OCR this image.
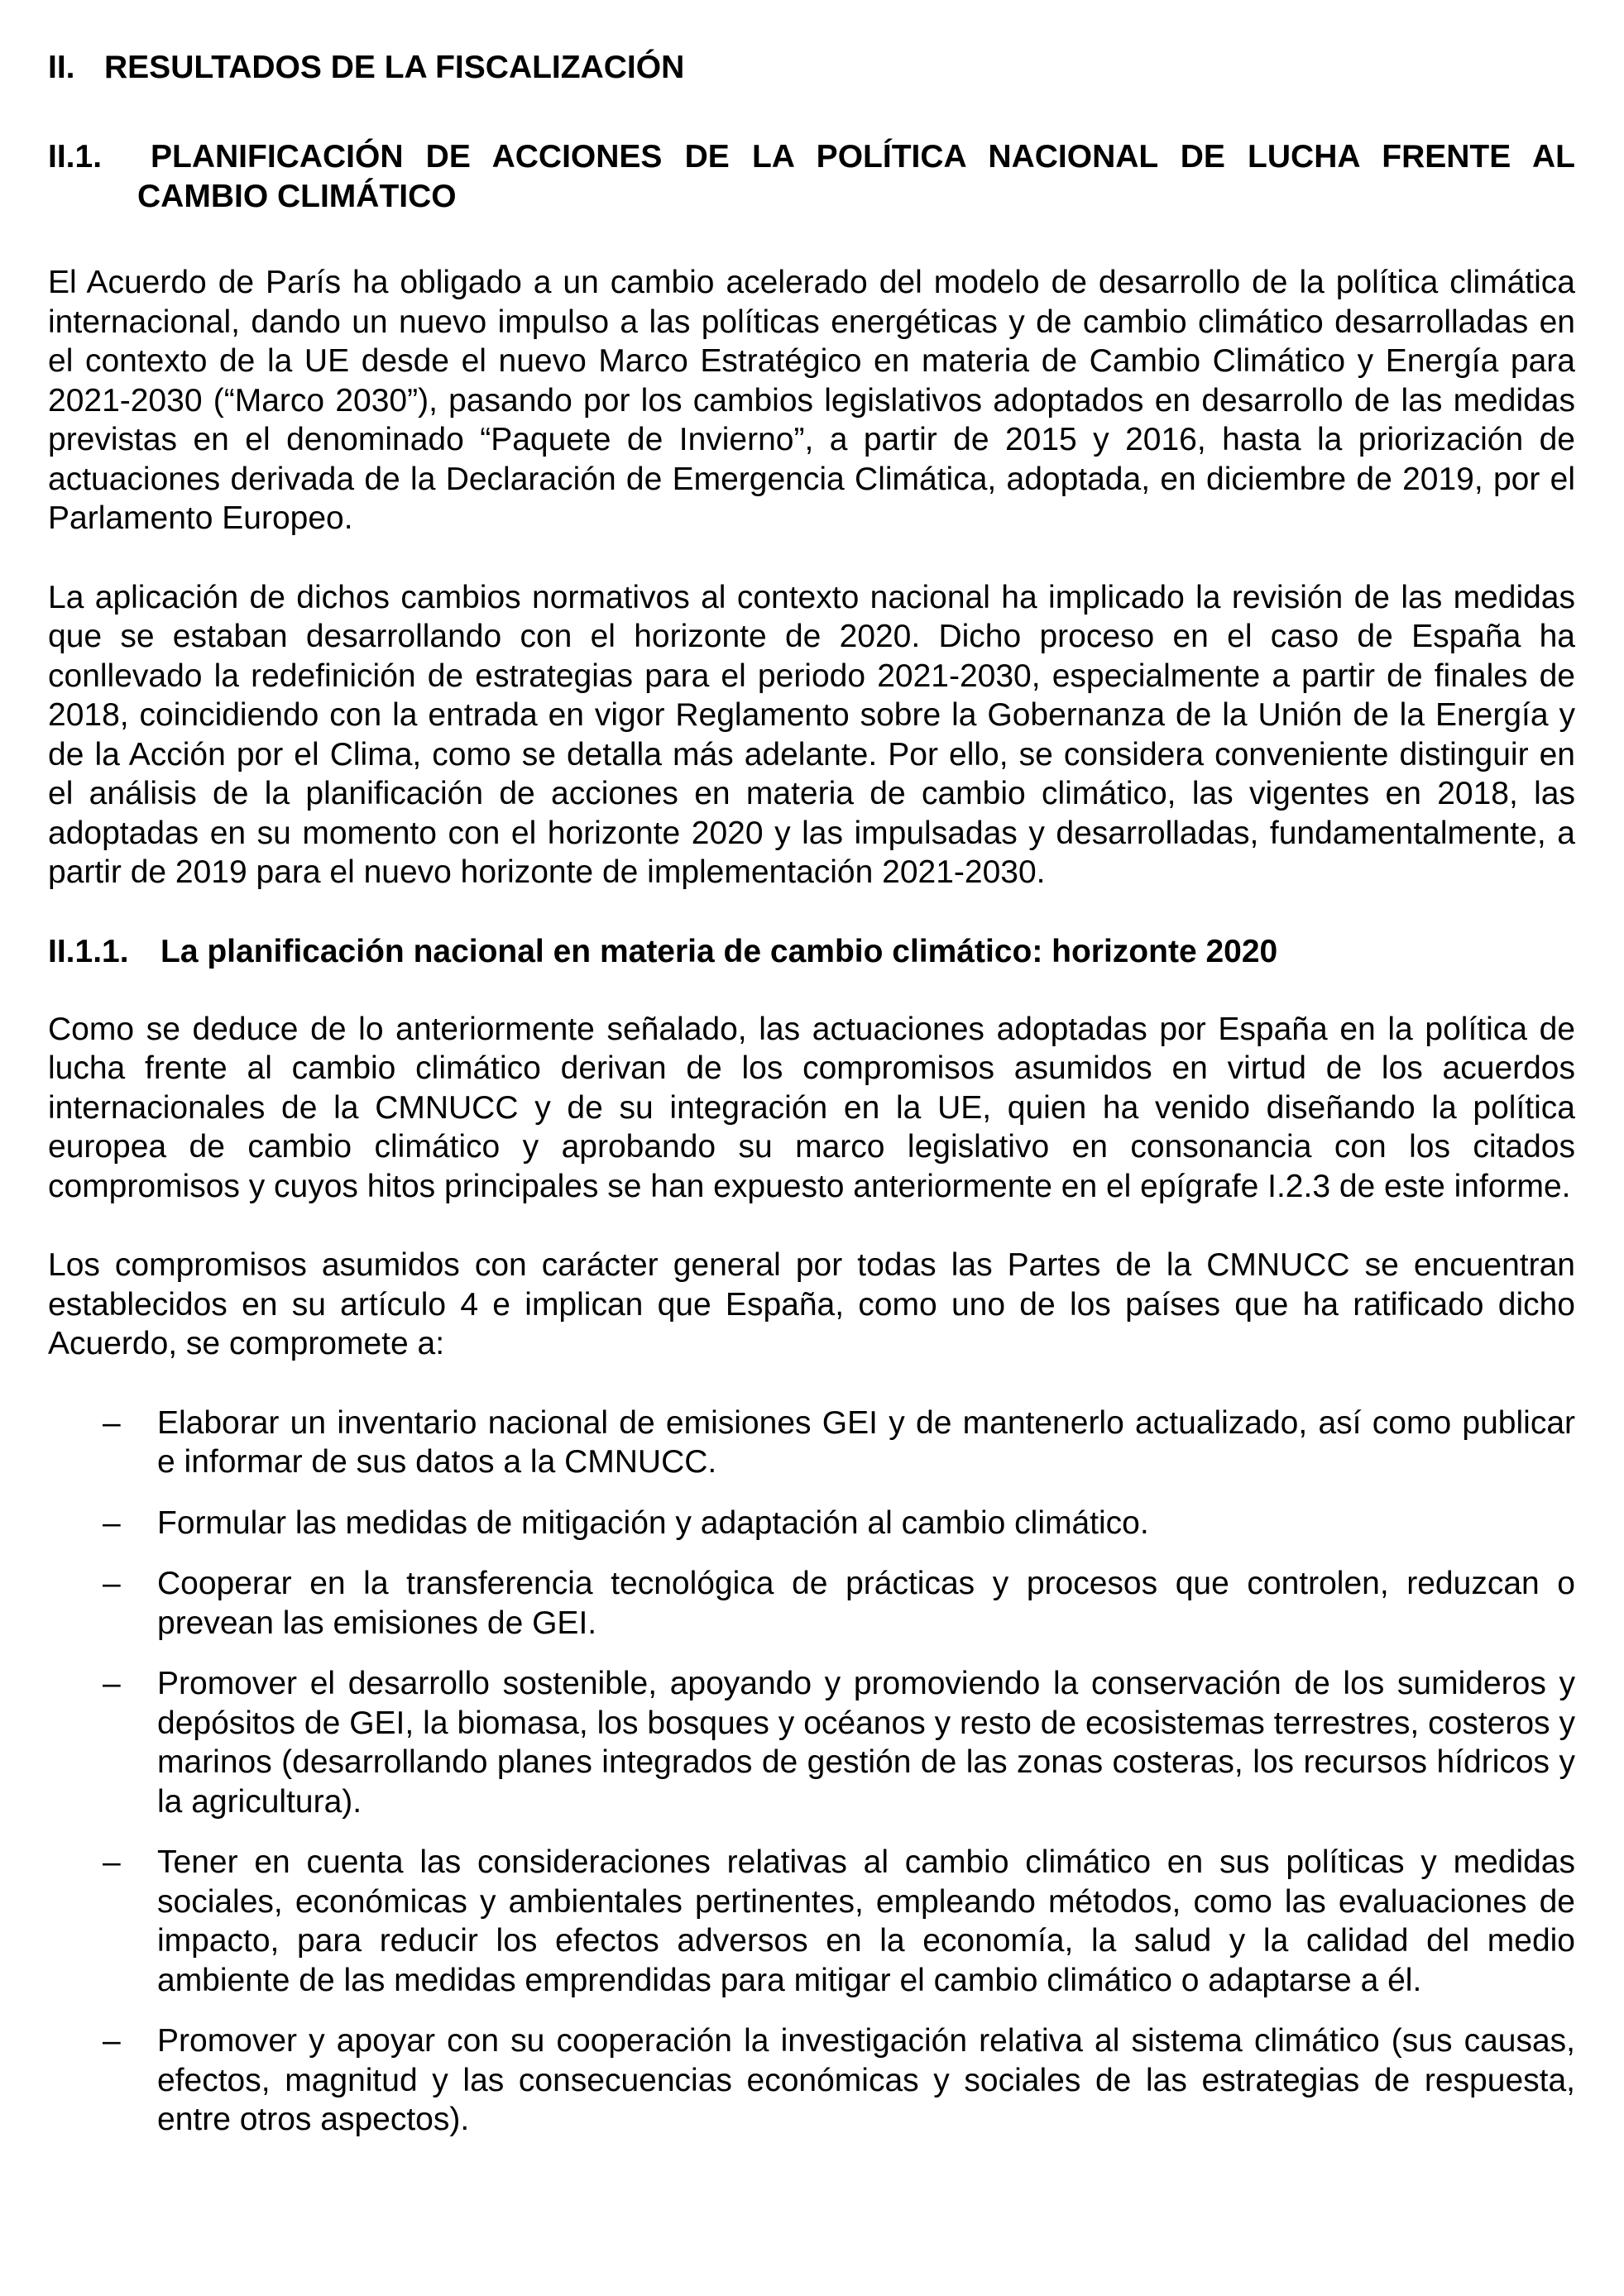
II. RESULTADOS DE LA FISCALIZACIÓN
II.1. PLANIFICACIÓN DE ACCIONES DE LA POLÍTICA NACIONAL DE LUCHA FRENTE AL CAMBIO CLIMÁTICO

El Acuerdo de París ha obligado a un cambio acelerado del modelo de desarrollo de la política climática internacional, dando un nuevo impulso a las políticas energéticas y de cambio climático desarrolladas en el contexto de la UE desde el nuevo Marco Estratégico en materia de Cambio Climático y Energía para 2021-2030 (“Marco 2030”), pasando por los cambios legislativos adoptados en desarrollo de las medidas previstas en el denominado “Paquete de Invierno”, a partir de 2015 y 2016, hasta la priorización de actuaciones derivada de la Declaración de Emergencia Climática, adoptada, en diciembre de 2019, por el Parlamento Europeo.

La aplicación de dichos cambios normativos al contexto nacional ha implicado la revisión de las medidas que se estaban desarrollando con el horizonte de 2020. Dicho proceso en el caso de España ha conllevado la redefinición de estrategias para el periodo 2021-2030, especialmente a partir de finales de 2018, coincidiendo con la entrada en vigor Reglamento sobre la Gobernanza de la Unión de la Energía y de la Acción por el Clima, como se detalla más adelante. Por ello, se considera conveniente distinguir en el análisis de la planificación de acciones en materia de cambio climático, las vigentes en 2018, las adoptadas en su momento con el horizonte 2020 y las impulsadas y desarrolladas, fundamentalmente, a partir de 2019 para el nuevo horizonte de implementación 2021-2030.

II.1.1. La planificación nacional en materia de cambio climático: horizonte 2020

Como se deduce de lo anteriormente señalado, las actuaciones adoptadas por España en la política de lucha frente al cambio climático derivan de los compromisos asumidos en virtud de los acuerdos internacionales de la CMNUCC y de su integración en la UE, quien ha venido diseñando la política europea de cambio climático y aprobando su marco legislativo en consonancia con los citados compromisos y cuyos hitos principales se han expuesto anteriormente en el epígrafe I.2.3 de este informe.

Los compromisos asumidos con carácter general por todas las Partes de la CMNUCC se encuentran establecidos en su artículo 4 e implican que España, como uno de los países que ha ratificado dicho Acuerdo, se compromete a:

–	Elaborar un inventario nacional de emisiones GEI y de mantenerlo actualizado, así como publicar e informar de sus datos a la CMNUCC.
–	Formular las medidas de mitigación y adaptación al cambio climático.
–	Cooperar en la transferencia tecnológica de prácticas y procesos que controlen, reduzcan o prevean las emisiones de GEI.
–	Promover el desarrollo sostenible, apoyando y promoviendo la conservación de los sumideros y depósitos de GEI, la biomasa, los bosques y océanos y resto de ecosistemas terrestres, costeros y marinos (desarrollando planes integrados de gestión de las zonas costeras, los recursos hídricos y la agricultura).
–	Tener en cuenta las consideraciones relativas al cambio climático en sus políticas y medidas sociales, económicas y ambientales pertinentes, empleando métodos, como las evaluaciones de impacto, para reducir los efectos adversos en la economía, la salud y la calidad del medio ambiente de las medidas emprendidas para mitigar el cambio climático o adaptarse a él.
–	Promover y apoyar con su cooperación la investigación relativa al sistema climático (sus causas, efectos, magnitud y las consecuencias económicas y sociales de las estrategias de respuesta, entre otros aspectos).
